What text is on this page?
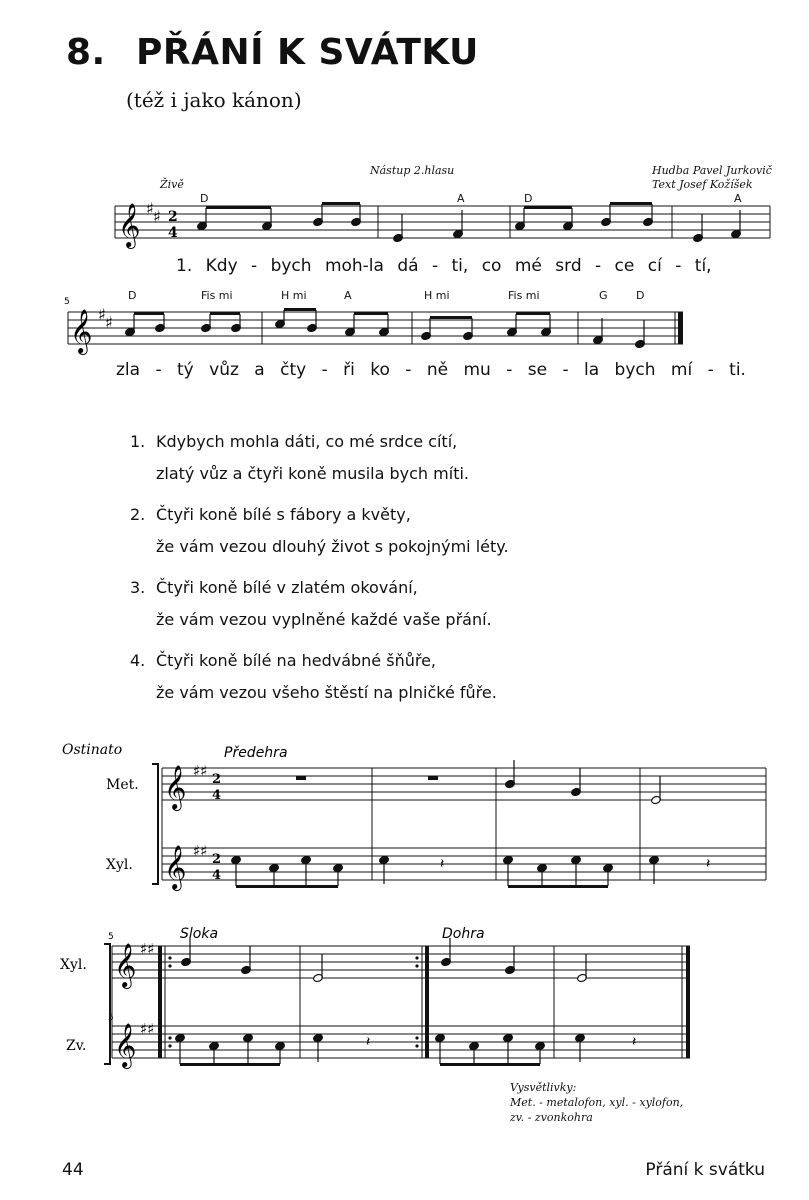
8. PŘÁNÍ K SVÁTKU
(též i jako kánon)
Nástup 2.hlasu	Hudba Pavel Jurkovič
Text Josef Kožíšek
Živě
𝄞 ♯ ♯ 2
4
D	A	D	A
5
𝄞 ♯ ♯
D	Fis mi	H mi	A	H mi	Fis mi	G	D
Ostinato	Předehra
Met.
Xyl.
𝄞
𝄞
♯♯
♯♯
2
4
2
4
𝄽	𝄽
Xyl.
Zv.
Sloka	Dohra
5
5
𝄞
𝄞
♯♯
♯♯
𝄽	𝄽
1. Kdy - bych moh-la dá - ti, co mé srd - ce cí - tí,
zla - tý vůz a čty - ři ko - ně mu - se - la bych mí - ti.
1. Kdybych mohla dáti, co mé srdce cítí,
zlatý vůz a čtyři koně musila bych míti.
2. Čtyři koně bílé s fábory a květy,
že vám vezou dlouhý život s pokojnými léty.
3. Čtyři koně bílé v zlatém okování,
že vám vezou vyplněné každé vaše přání.
4. Čtyři koně bílé na hedvábné šňůře,
že vám vezou všeho štěstí na plničké fůře.
Vysvětlivky:
Met. - metalofon, xyl. - xylofon,
zv. - zvonkohra
44	Přání k svátku
